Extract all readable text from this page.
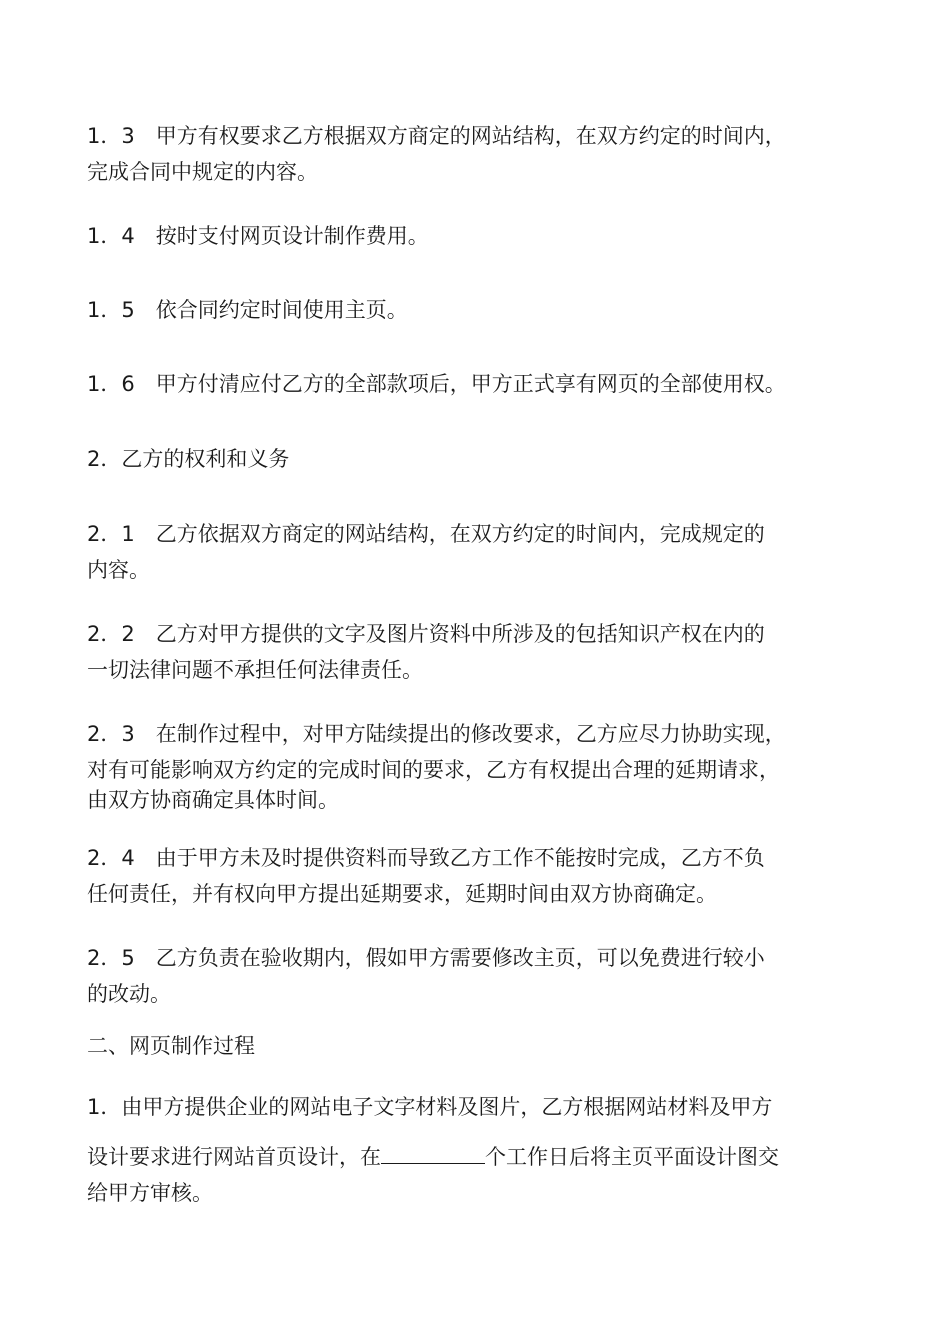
1．3　甲方有权要求乙方根据双方商定的网站结构，在双方约定的时间内，
完成合同中规定的内容。
1．4　按时支付网页设计制作费用。
1．5　依合同约定时间使用主页。
1．6　甲方付清应付乙方的全部款项后，甲方正式享有网页的全部使用权。
2．乙方的权利和义务
2．1　乙方依据双方商定的网站结构，在双方约定的时间内，完成规定的
内容。
2．2　乙方对甲方提供的文字及图片资料中所涉及的包括知识产权在内的
一切法律问题不承担任何法律责任。
2．3　在制作过程中，对甲方陆续提出的修改要求，乙方应尽力协助实现，
对有可能影响双方约定的完成时间的要求，乙方有权提出合理的延期请求，
由双方协商确定具体时间。
2．4　由于甲方未及时提供资料而导致乙方工作不能按时完成，乙方不负
任何责任，并有权向甲方提出延期要求，延期时间由双方协商确定。
2．5　乙方负责在验收期内，假如甲方需要修改主页，可以免费进行较小
的改动。
二、网页制作过程
1．由甲方提供企业的网站电子文字材料及图片，乙方根据网站材料及甲方
设计要求进行网站首页设计，在	个工作日后将主页平面设计图交
给甲方审核。
